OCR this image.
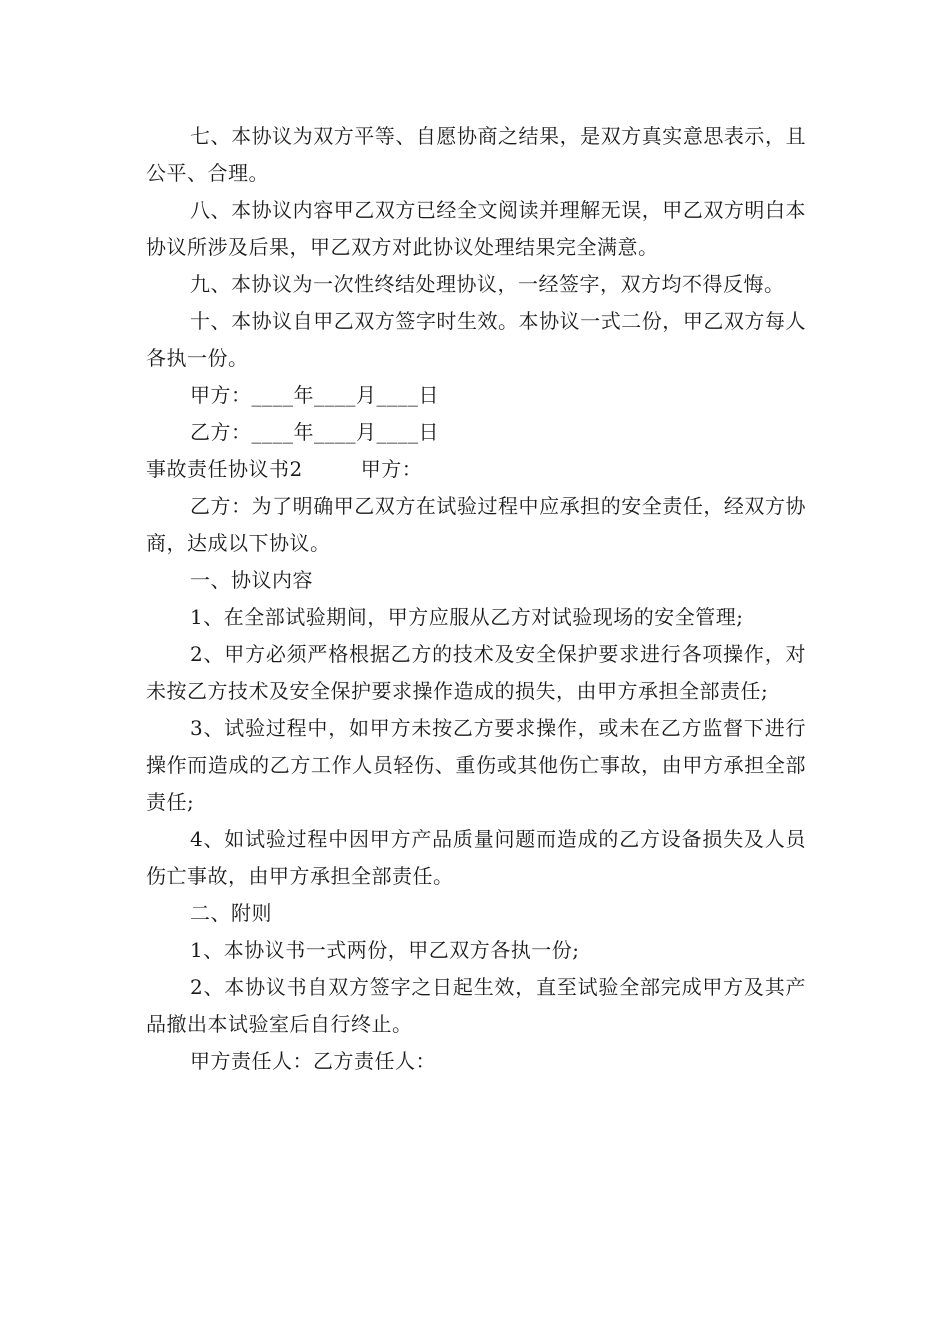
七、本协议为双方平等、自愿协商之结果，是双方真实意思表示，且公平、合理。

八、本协议内容甲乙双方已经全文阅读并理解无误，甲乙双方明白本协议所涉及后果，甲乙双方对此协议处理结果完全满意。

九、本协议为一次性终结处理协议，一经签字，双方均不得反悔。

十、本协议自甲乙双方签字时生效。本协议一式二份，甲乙双方每人各执一份。

甲方：____年____月____日

乙方：____年____月____日

事故责任协议书2	甲方：

乙方：为了明确甲乙双方在试验过程中应承担的安全责任，经双方协商，达成以下协议。

一、协议内容

1、在全部试验期间，甲方应服从乙方对试验现场的安全管理;

2、甲方必须严格根据乙方的技术及安全保护要求进行各项操作，对未按乙方技术及安全保护要求操作造成的损失，由甲方承担全部责任;

3、试验过程中，如甲方未按乙方要求操作，或未在乙方监督下进行操作而造成的乙方工作人员轻伤、重伤或其他伤亡事故，由甲方承担全部责任;

4、如试验过程中因甲方产品质量问题而造成的乙方设备损失及人员伤亡事故，由甲方承担全部责任。

二、附则

1、本协议书一式两份，甲乙双方各执一份;

2、本协议书自双方签字之日起生效，直至试验全部完成甲方及其产品撤出本试验室后自行终止。

甲方责任人：乙方责任人：
